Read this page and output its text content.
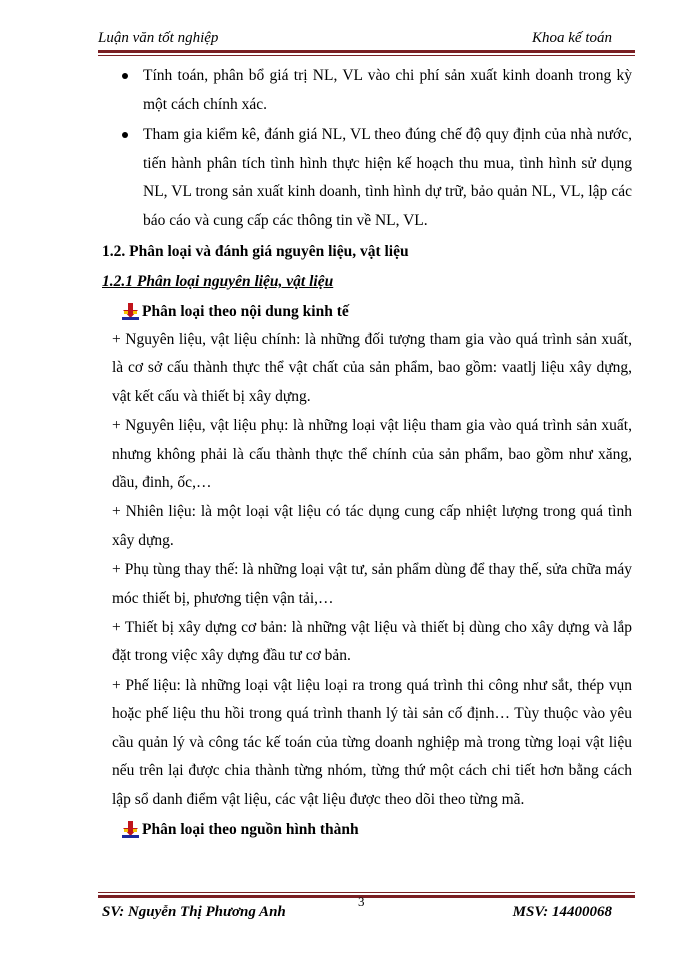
Luận văn tốt nghiệp	Khoa kế toán
Tính toán, phân bổ giá trị NL, VL vào chi phí sản xuất kinh doanh trong kỳ một cách chính xác.
Tham gia kiểm kê, đánh giá NL, VL theo đúng chế độ quy định của nhà nước, tiến hành phân tích tình hình thực hiện kế hoạch thu mua, tình hình sử dụng NL, VL trong sản xuất kinh doanh, tình hình dự trữ, bảo quản NL, VL, lập các báo cáo và cung cấp các thông tin về NL, VL.
1.2. Phân loại và đánh giá nguyên liệu, vật liệu
1.2.1 Phân loại nguyên liệu, vật liệu
Phân loại theo nội dung kinh tế
+ Nguyên liệu, vật liệu chính: là những đối tượng tham gia vào quá trình sản xuất, là cơ sở cấu thành thực thể vật chất của sản phẩm, bao gồm: vaatlj liệu xây dựng, vật kết cấu và thiết bị xây dựng.
+ Nguyên liệu, vật liệu phụ: là những loại vật liệu tham gia vào quá trình sản xuất, nhưng không phải là cấu thành thực thể chính của sản phẩm, bao gồm như xăng, dầu, đinh, ốc,…
+ Nhiên liệu: là một loại vật liệu có tác dụng cung cấp nhiệt lượng trong quá tình xây dựng.
+ Phụ tùng thay thế: là những loại vật tư, sản phẩm dùng để thay thế, sửa chữa máy móc thiết bị, phương tiện vận tải,…
+ Thiết bị xây dựng cơ bản: là những vật liệu và thiết bị dùng cho xây dựng và lắp đặt trong việc xây dựng đầu tư cơ bản.
+ Phế liệu: là những loại vật liệu loại ra trong quá trình thi công như sắt, thép vụn hoặc phế liệu thu hồi trong quá trình thanh lý tài sản cố định… Tùy thuộc vào yêu cầu quản lý và công tác kế toán của từng doanh nghiệp mà trong từng loại vật liệu nếu trên lại được chia thành từng nhóm, từng thứ một cách chi tiết hơn bằng cách lập sổ danh điểm vật liệu, các vật liệu được theo dõi theo từng mã.
Phân loại theo nguồn hình thành
3
SV: Nguyễn Thị Phương Anh	MSV: 14400068
